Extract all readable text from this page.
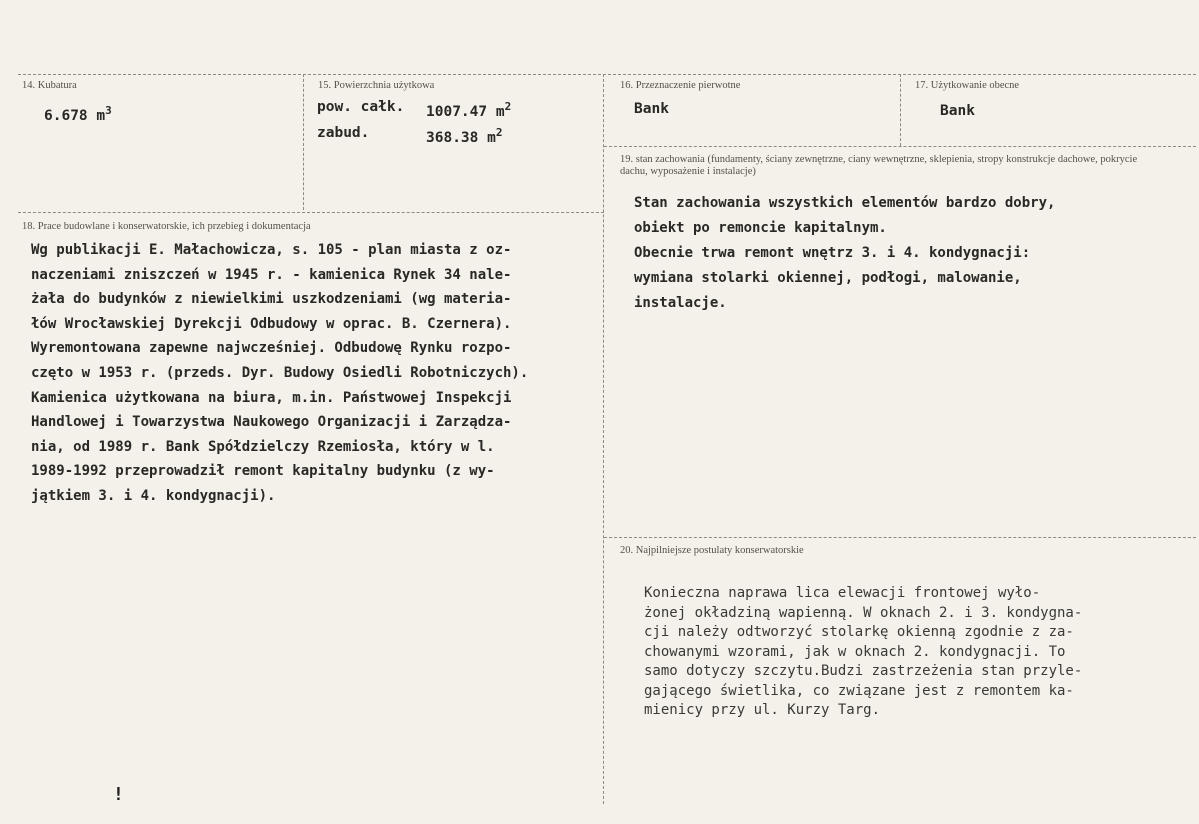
14. Kubatura
6.678 $m^3$
15. Powierzchnia użytkowa
pow. całk. 1007.47 $m^2$
zabud.	368.38 $m^2$
16. Przeznaczenie pierwotne
Bank
17. Użytkowanie obecne
Bank
18. Prace budowlane i konserwatorskie, ich przebieg i dokumentacja
Wg publikacji E. Małachowicza, s. 105 - plan miasta z oz-
naczeniami zniszczeń w 1945 r. - kamienica Rynek 34 nale-
żała do budynków z niewielkimi uszkodzeniami (wg materia-
łów Wrocławskiej Dyrekcji Odbudowy w oprac. B. Czernera).
Wyremontowana zapewne najwcześniej. Odbudowę Rynku rozpo-
częto w 1953 r. (przeds. Dyr. Budowy Osiedli Robotniczych).
Kamienica użytkowana na biura, m.in. Państwowej Inspekcji
Handlowej i Towarzystwa Naukowego Organizacji i Zarządza-
nia, od 1989 r. Bank Spółdzielczy Rzemiosła, który w l.
1989-1992 przeprowadził remont kapitalny budynku (z wy-
jątkiem 3. i 4. kondygnacji).
19. stan zachowania (fundamenty, ściany zewnętrzne, ciany wewnętrzne, sklepienia, stropy konstrukcje dachowe, pokrycie dachu, wyposażenie i instalacje)
Stan zachowania wszystkich elementów bardzo dobry,
obiekt po remoncie kapitalnym.
Obecnie trwa remont wnętrz 3. i 4. kondygnacji:
wymiana stolarki okiennej, podłogi, malowanie,
instalacje.
20. Najpilniejsze postulaty konserwatorskie
Konieczna naprawa lica elewacji frontowej wyło-
żonej okładziną wapienną. W oknach 2. i 3. kondygna-
cji należy odtworzyć stolarkę okienną zgodnie z za-
chowanymi wzorami, jak w oknach 2. kondygnacji. To
samo dotyczy szczytu.Budzi zastrzeżenia stan przyle-
gającego świetlika, co związane jest z remontem ka-
mienicy przy ul. Kurzy Targ.
!
